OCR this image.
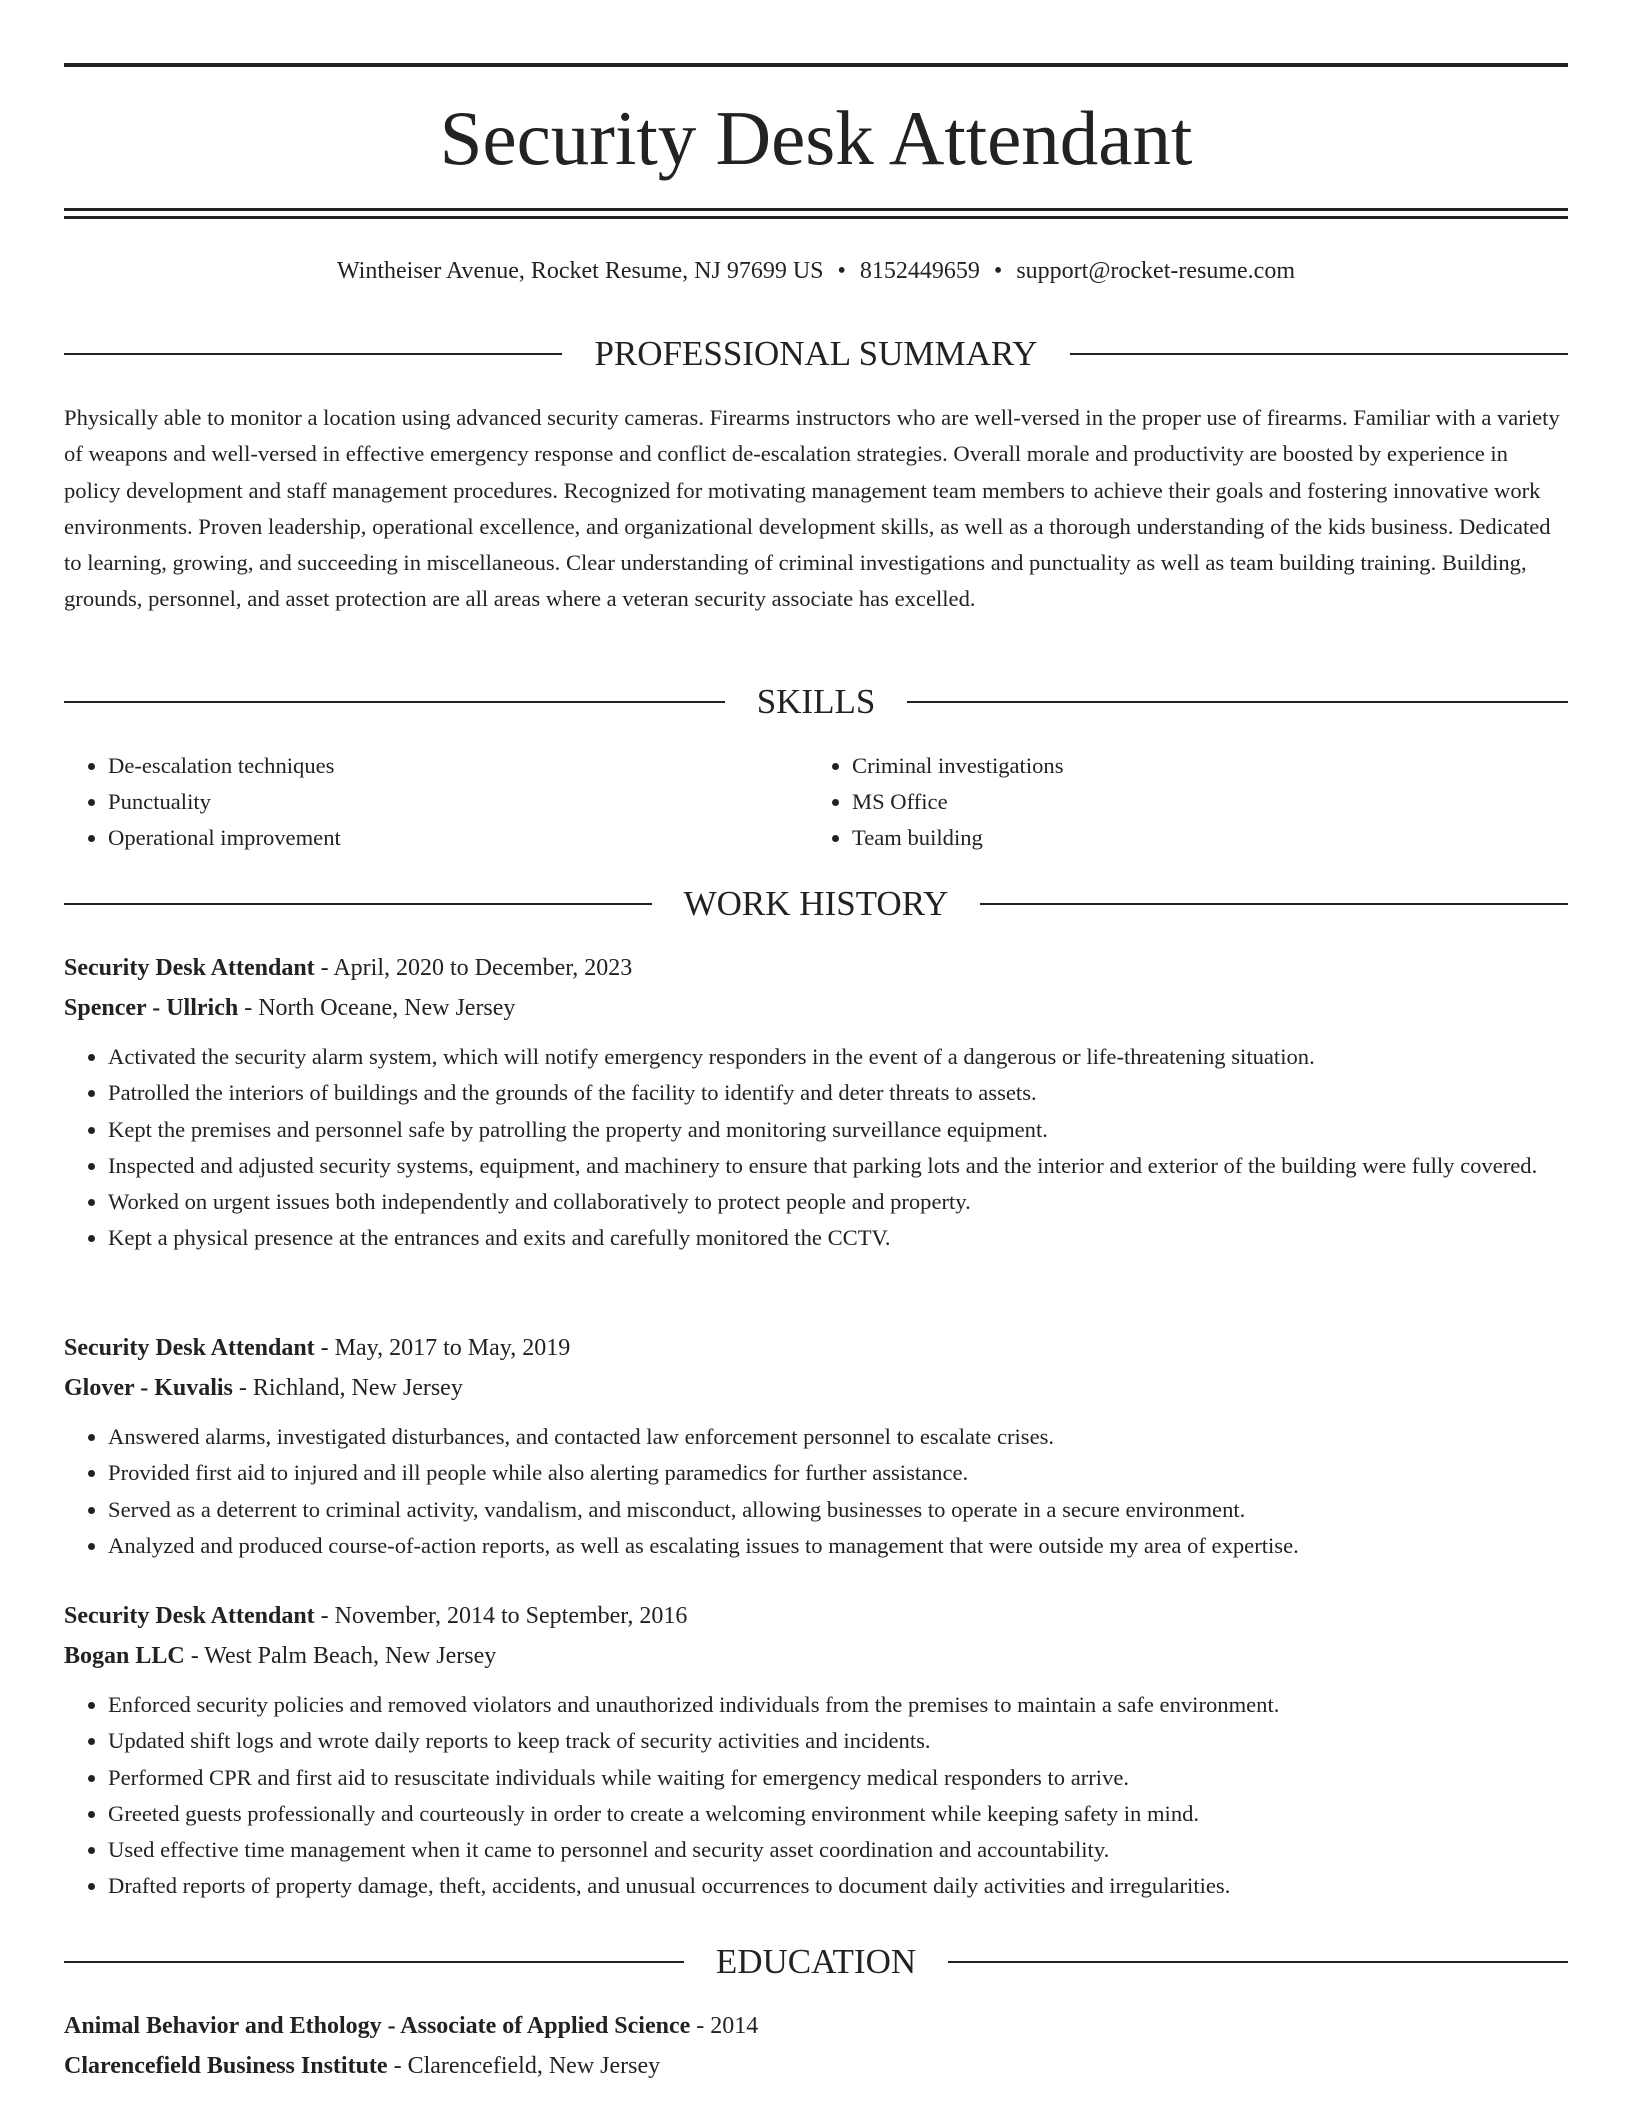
Security Desk Attendant
Wintheiser Avenue, Rocket Resume, NJ 97699 US • 8152449659 • support@rocket-resume.com
PROFESSIONAL SUMMARY

Physically able to monitor a location using advanced security cameras. Firearms instructors who are well-versed in the proper use of firearms. Familiar with a variety of weapons and well-versed in effective emergency response and conflict de-escalation strategies. Overall morale and productivity are boosted by experience in policy development and staff management procedures. Recognized for motivating management team members to achieve their goals and fostering innovative work environments. Proven leadership, operational excellence, and organizational development skills, as well as a thorough understanding of the kids business. Dedicated to learning, growing, and succeeding in miscellaneous. Clear understanding of criminal investigations and punctuality as well as team building training. Building, grounds, personnel, and asset protection are all areas where a veteran security associate has excelled.

SKILLS
• De-escalation techniques
• Punctuality
• Operational improvement
• Criminal investigations
• MS Office
• Team building
WORK HISTORY
Security Desk Attendant - April, 2020 to December, 2023
Spencer - Ullrich - North Oceane, New Jersey
• Activated the security alarm system, which will notify emergency responders in the event of a dangerous or life-threatening situation.
• Patrolled the interiors of buildings and the grounds of the facility to identify and deter threats to assets.
• Kept the premises and personnel safe by patrolling the property and monitoring surveillance equipment.
• Inspected and adjusted security systems, equipment, and machinery to ensure that parking lots and the interior and exterior of the building were fully covered.
• Worked on urgent issues both independently and collaboratively to protect people and property.
• Kept a physical presence at the entrances and exits and carefully monitored the CCTV.
Security Desk Attendant - May, 2017 to May, 2019
Glover - Kuvalis - Richland, New Jersey
• Answered alarms, investigated disturbances, and contacted law enforcement personnel to escalate crises.
• Provided first aid to injured and ill people while also alerting paramedics for further assistance.
• Served as a deterrent to criminal activity, vandalism, and misconduct, allowing businesses to operate in a secure environment.
• Analyzed and produced course-of-action reports, as well as escalating issues to management that were outside my area of expertise.
Security Desk Attendant - November, 2014 to September, 2016
Bogan LLC - West Palm Beach, New Jersey
• Enforced security policies and removed violators and unauthorized individuals from the premises to maintain a safe environment.
• Updated shift logs and wrote daily reports to keep track of security activities and incidents.
• Performed CPR and first aid to resuscitate individuals while waiting for emergency medical responders to arrive.
• Greeted guests professionally and courteously in order to create a welcoming environment while keeping safety in mind.
• Used effective time management when it came to personnel and security asset coordination and accountability.
• Drafted reports of property damage, theft, accidents, and unusual occurrences to document daily activities and irregularities.
EDUCATION
Animal Behavior and Ethology - Associate of Applied Science - 2014
Clarencefield Business Institute - Clarencefield, New Jersey
